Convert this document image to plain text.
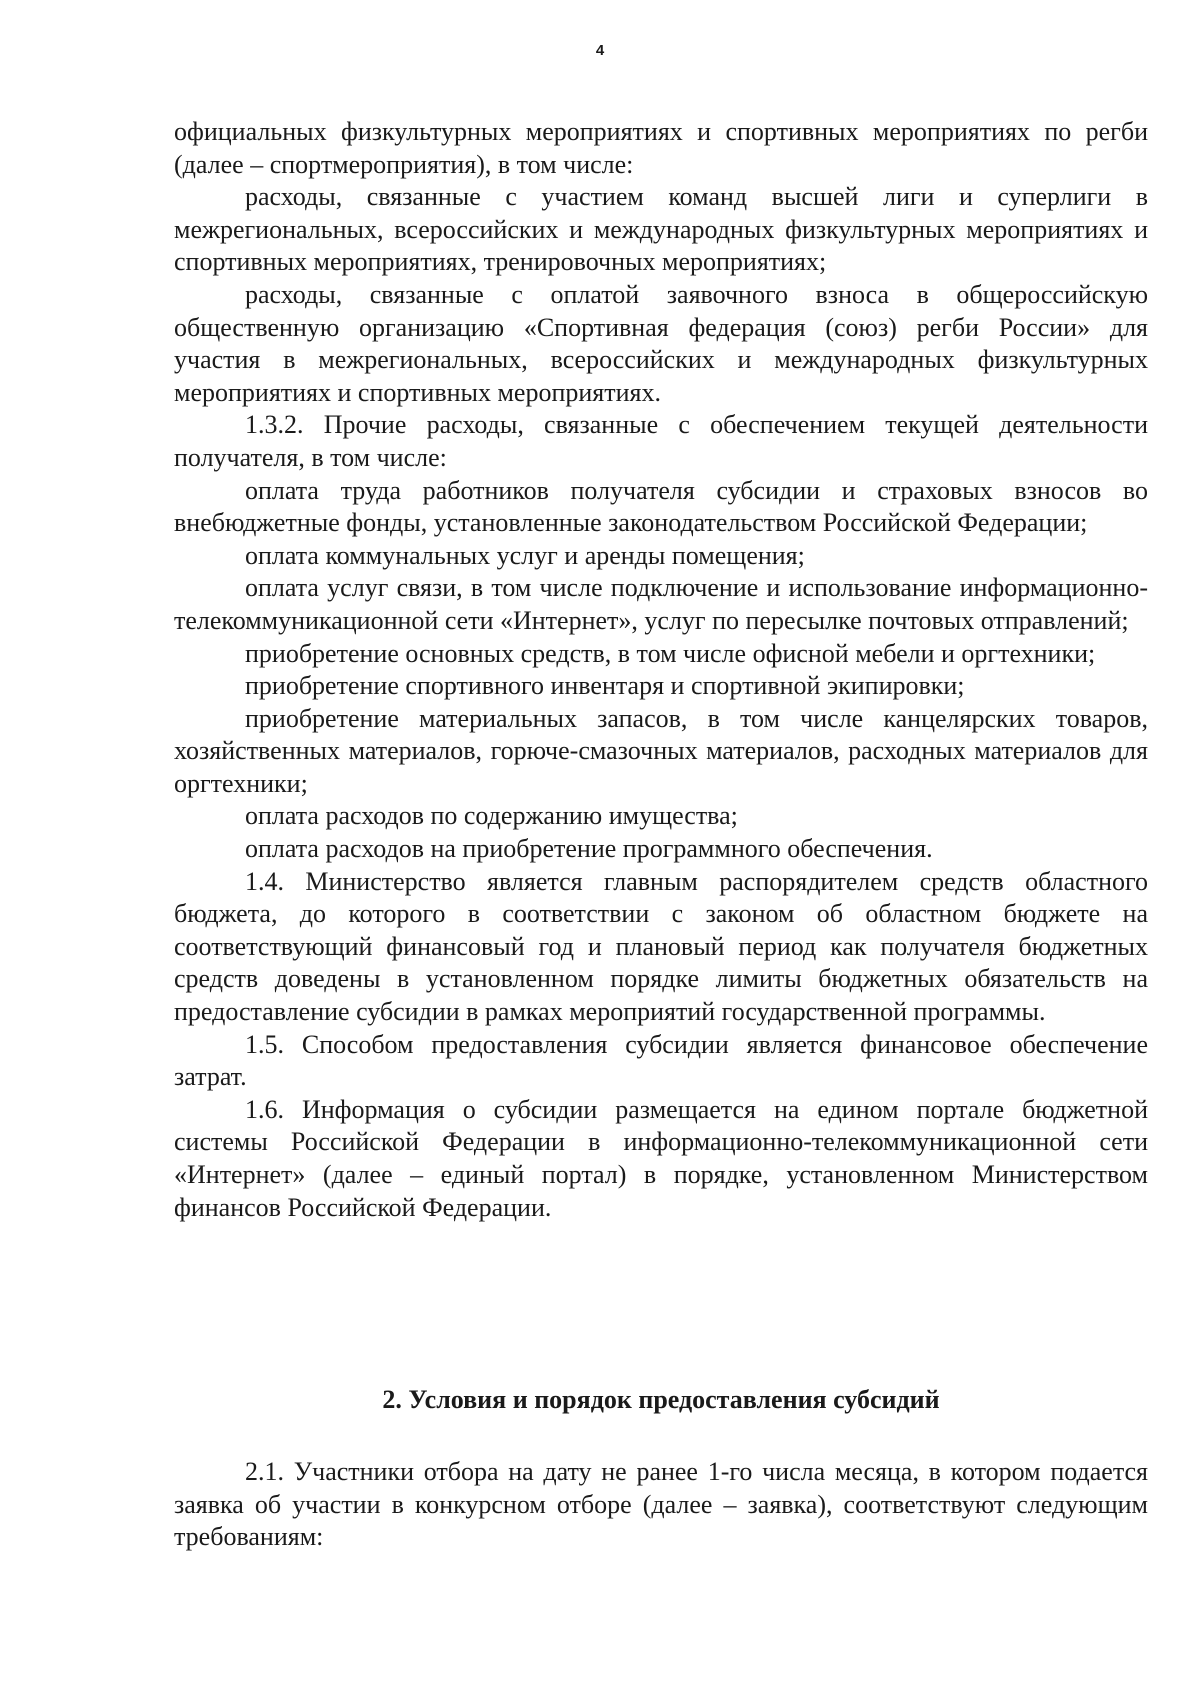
4

официальных физкультурных мероприятиях и спортивных мероприятиях по регби (далее – спортмероприятия), в том числе:

расходы, связанные с участием команд высшей лиги и суперлиги в межрегиональных, всероссийских и международных физкультурных мероприятиях и спортивных мероприятиях, тренировочных мероприятиях;

расходы, связанные с оплатой заявочного взноса в общероссийскую общественную организацию «Спортивная федерация (союз) регби России» для участия в межрегиональных, всероссийских и международных физкультурных мероприятиях и спортивных мероприятиях.

1.3.2. Прочие расходы, связанные с обеспечением текущей деятельности получателя, в том числе:

оплата труда работников получателя субсидии и страховых взносов во внебюджетные фонды, установленные законодательством Российской Федерации;

оплата коммунальных услуг и аренды помещения;

оплата услуг связи, в том числе подключение и использование информационно-телекоммуникационной сети «Интернет», услуг по пересылке почтовых отправлений;

приобретение основных средств, в том числе офисной мебели и оргтехники;

приобретение спортивного инвентаря и спортивной экипировки;

приобретение материальных запасов, в том числе канцелярских товаров, хозяйственных материалов, горюче-смазочных материалов, расходных материалов для оргтехники;

оплата расходов по содержанию имущества;

оплата расходов на приобретение программного обеспечения.

1.4. Министерство является главным распорядителем средств областного бюджета, до которого в соответствии с законом об областном бюджете на соответствующий финансовый год и плановый период как получателя бюджетных средств доведены в установленном порядке лимиты бюджетных обязательств на предоставление субсидии в рамках мероприятий государственной программы.

1.5. Способом предоставления субсидии является финансовое обеспечение затрат.

1.6. Информация о субсидии размещается на едином портале бюджетной системы Российской Федерации в информационно-телекоммуникационной сети «Интернет» (далее – единый портал) в порядке, установленном Министерством финансов Российской Федерации.

2. Условия и порядок предоставления субсидий

2.1. Участники отбора на дату не ранее 1-го числа месяца, в котором подается заявка об участии в конкурсном отборе (далее – заявка), соответствуют следующим требованиям:
